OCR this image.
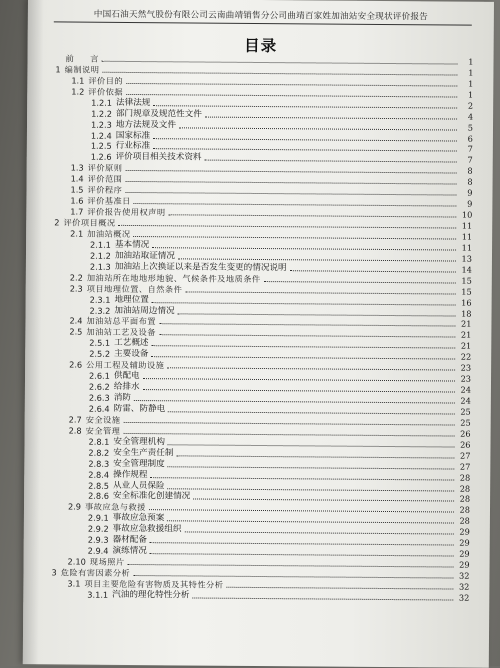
中国石油天然气股份有限公司云南曲靖销售分公司曲靖百家姓加油站安全现状评价报告
目录
前　　言	1
1 编制说明	1
1.1 评价目的	1
1.2 评价依据	1
1.2.1 法律法规	2
1.2.2 部门规章及规范性文件	4
1.2.3 地方法规及文件	5
1.2.4 国家标准	6
1.2.5 行业标准	7
1.2.6 评价项目相关技术资料	7
1.3 评价原则	8
1.4 评价范围	8
1.5 评价程序	9
1.6 评价基准日	9
1.7 评价报告使用权声明	10
2 评价项目概况	11
2.1 加油站概况	11
2.1.1 基本情况	11
2.1.2 加油站取证情况	13
2.1.3 加油站上次换证以来是否发生变更的情况说明	14
2.2 加油站所在地地形地貌、气候条件及地质条件	15
2.3 项目地理位置、自然条件	15
2.3.1 地理位置	16
2.3.2 加油站周边情况	18
2.4 加油站总平面布置	21
2.5 加油站工艺及设备	21
2.5.1 工艺概述	21
2.5.2 主要设备	22
2.6 公用工程及辅助设施	23
2.6.1 供配电	23
2.6.2 给排水	24
2.6.3 消防	24
2.6.4 防雷、防静电	25
2.7 安全设施	25
2.8 安全管理	26
2.8.1 安全管理机构	26
2.8.2 安全生产责任制	27
2.8.3 安全管理制度	27
2.8.4 操作规程	28
2.8.5 从业人员保险	28
2.8.6 安全标准化创建情况	28
2.9 事故应急与救援	28
2.9.1 事故应急预案	28
2.9.2 事故应急救援组织	29
2.9.3 器材配备	29
2.9.4 演练情况	29
2.10 现场照片	29
3 危险有害因素分析	32
3.1 项目主要危险有害物质及其特性分析	32
3.1.1 汽油的理化特性分析	32
